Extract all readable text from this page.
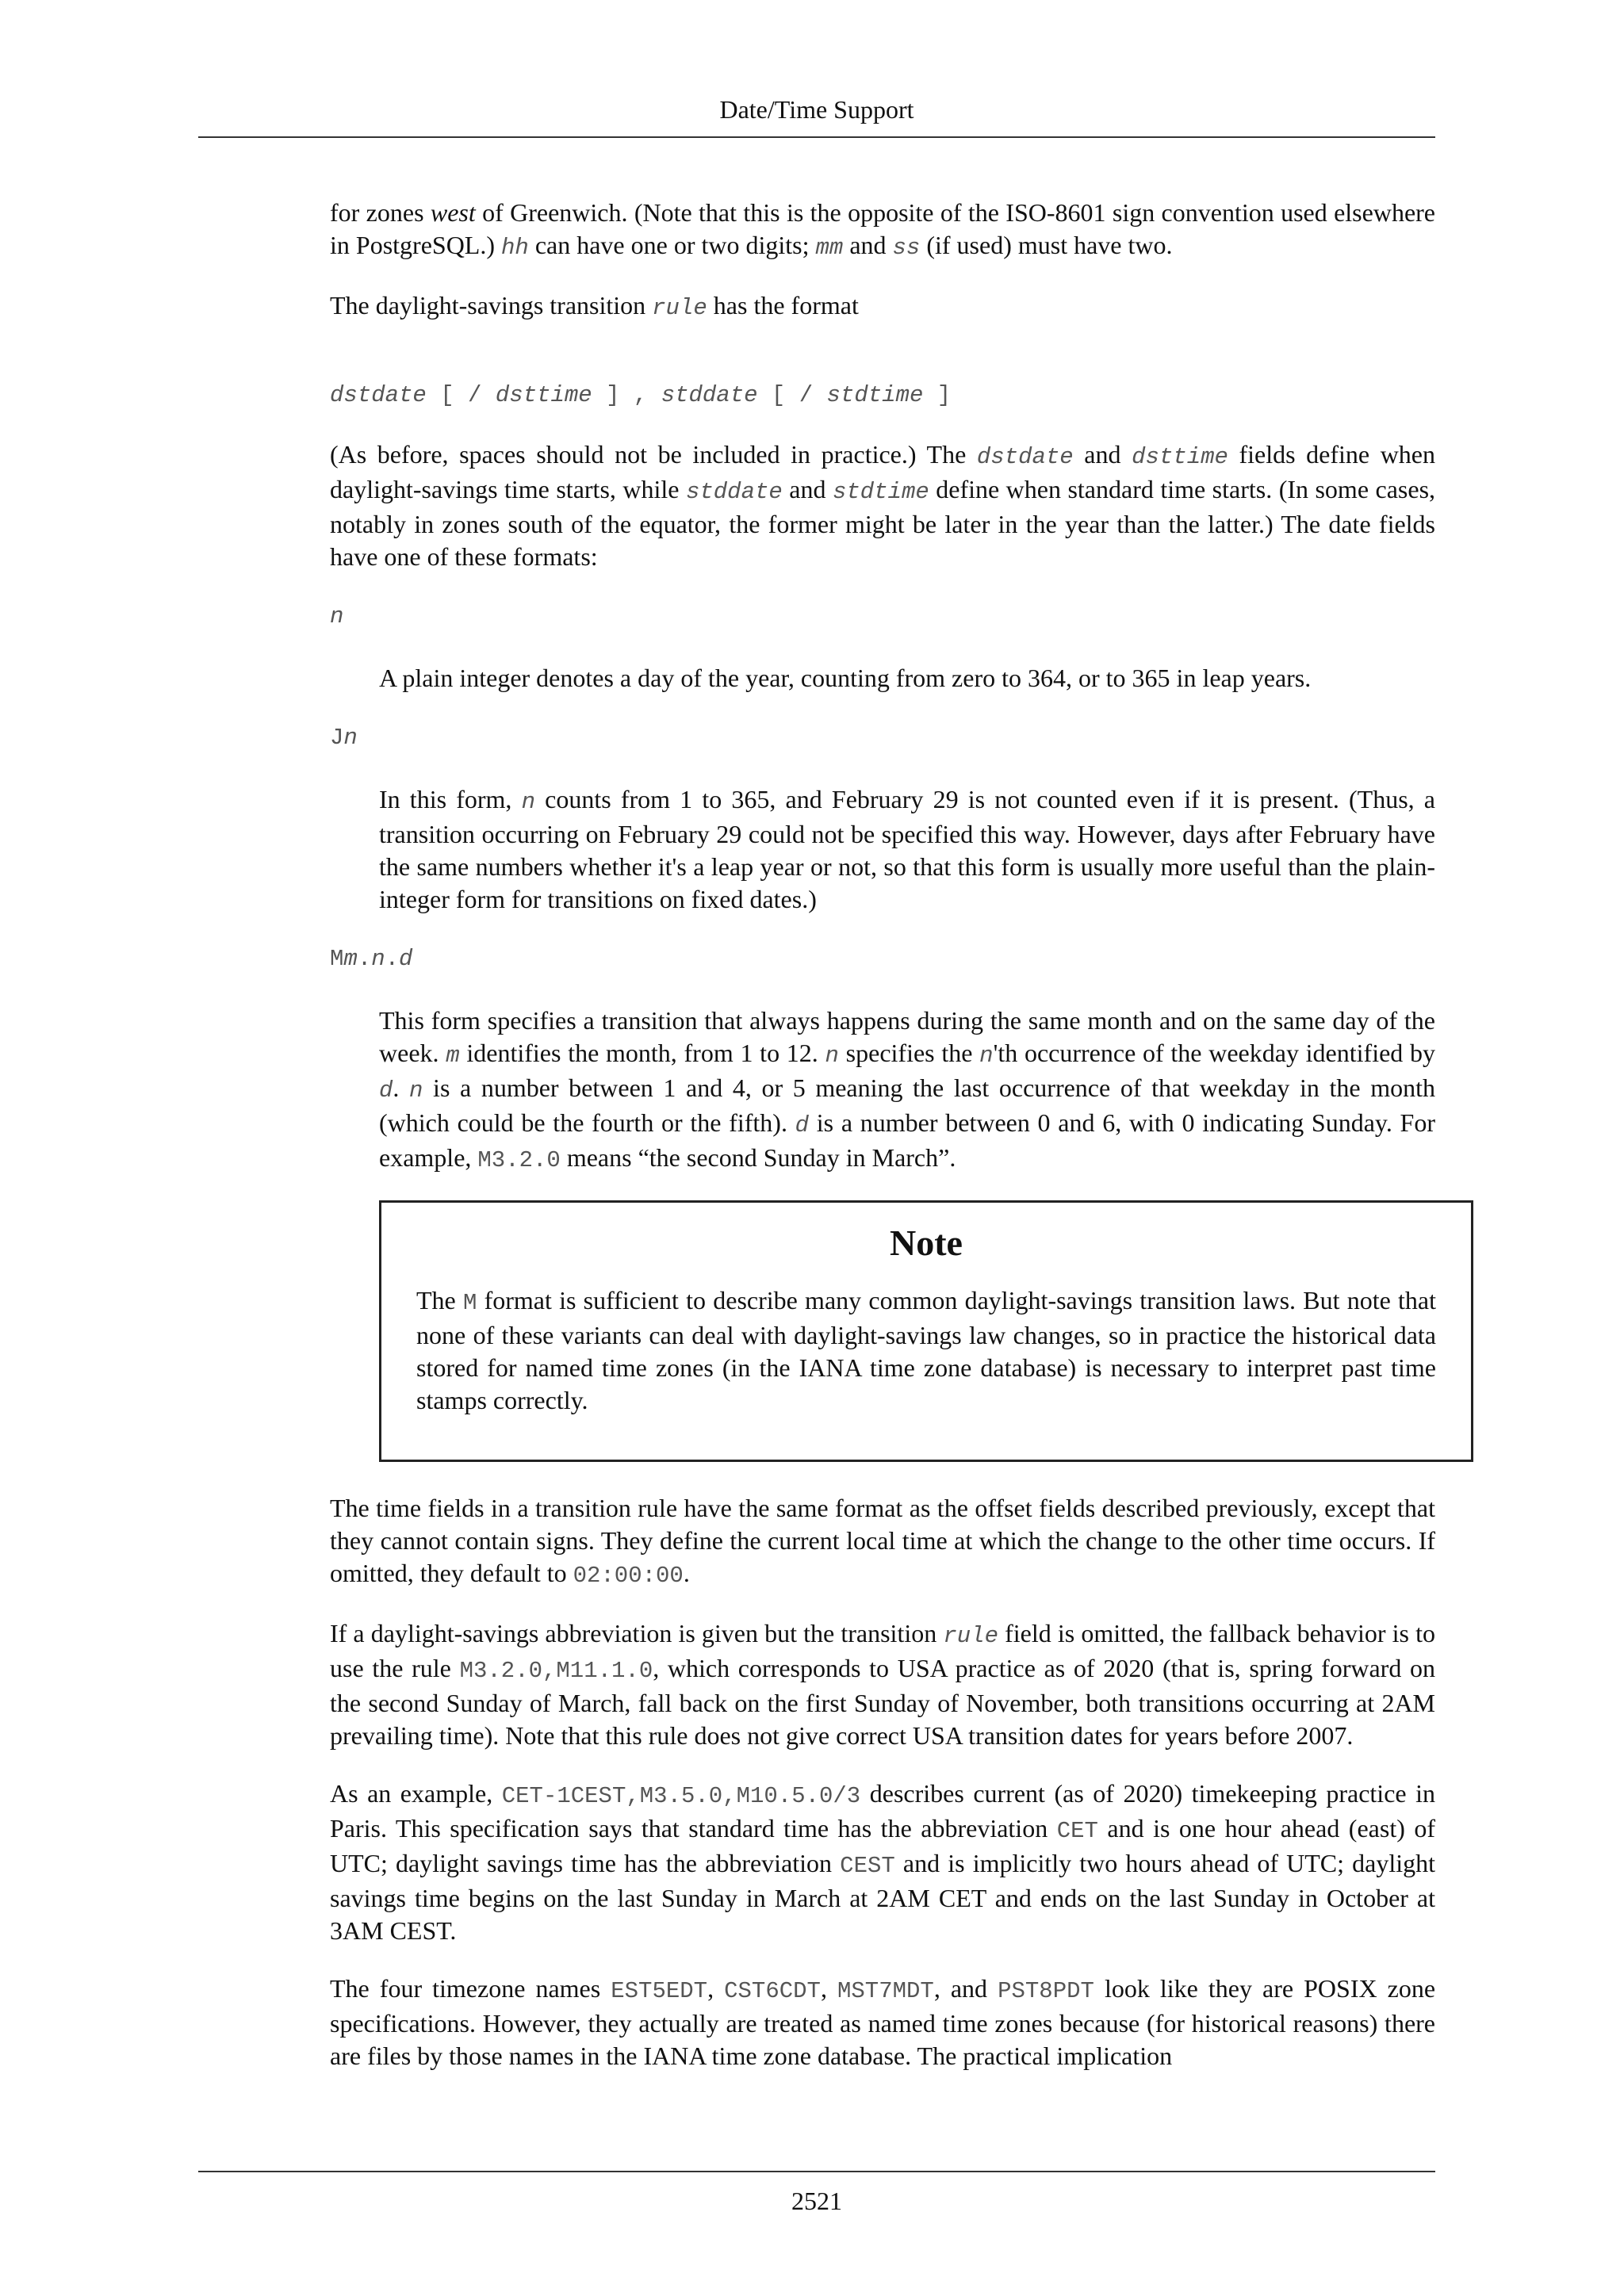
Date/Time Support

for zones west of Greenwich. (Note that this is the opposite of the ISO-8601 sign convention used elsewhere in PostgreSQL.) hh can have one or two digits; mm and ss (if used) must have two.

The daylight-savings transition rule has the format

dstdate [ / dsttime ] , stddate [ / stdtime ]

(As before, spaces should not be included in practice.) The dstdate and dsttime fields define when daylight-savings time starts, while stddate and stdtime define when standard time starts. (In some cases, notably in zones south of the equator, the former might be later in the year than the latter.) The date fields have one of these formats:

n

A plain integer denotes a day of the year, counting from zero to 364, or to 365 in leap years.

Jn

In this form, n counts from 1 to 365, and February 29 is not counted even if it is present. (Thus, a transition occurring on February 29 could not be specified this way. However, days after February have the same numbers whether it's a leap year or not, so that this form is usually more useful than the plain-integer form for transitions on fixed dates.)

Mm.n.d

This form specifies a transition that always happens during the same month and on the same day of the week. m identifies the month, from 1 to 12. n specifies the n'th occurrence of the weekday identified by d. n is a number between 1 and 4, or 5 meaning the last occurrence of that weekday in the month (which could be the fourth or the fifth). d is a number between 0 and 6, with 0 indicating Sunday. For example, M3.2.0 means “the second Sunday in March”.

Note

The M format is sufficient to describe many common daylight-savings transition laws. But note that none of these variants can deal with daylight-savings law changes, so in practice the historical data stored for named time zones (in the IANA time zone database) is necessary to interpret past time stamps correctly.

The time fields in a transition rule have the same format as the offset fields described previously, except that they cannot contain signs. They define the current local time at which the change to the other time occurs. If omitted, they default to 02:00:00.

If a daylight-savings abbreviation is given but the transition rule field is omitted, the fallback behavior is to use the rule M3.2.0,M11.1.0, which corresponds to USA practice as of 2020 (that is, spring forward on the second Sunday of March, fall back on the first Sunday of November, both transitions occurring at 2AM prevailing time). Note that this rule does not give correct USA transition dates for years before 2007.

As an example, CET-1CEST,M3.5.0,M10.5.0/3 describes current (as of 2020) timekeeping practice in Paris. This specification says that standard time has the abbreviation CET and is one hour ahead (east) of UTC; daylight savings time has the abbreviation CEST and is implicitly two hours ahead of UTC; daylight savings time begins on the last Sunday in March at 2AM CET and ends on the last Sunday in October at 3AM CEST.

The four timezone names EST5EDT, CST6CDT, MST7MDT, and PST8PDT look like they are POSIX zone specifications. However, they actually are treated as named time zones because (for historical reasons) there are files by those names in the IANA time zone database. The practical implication

2521
